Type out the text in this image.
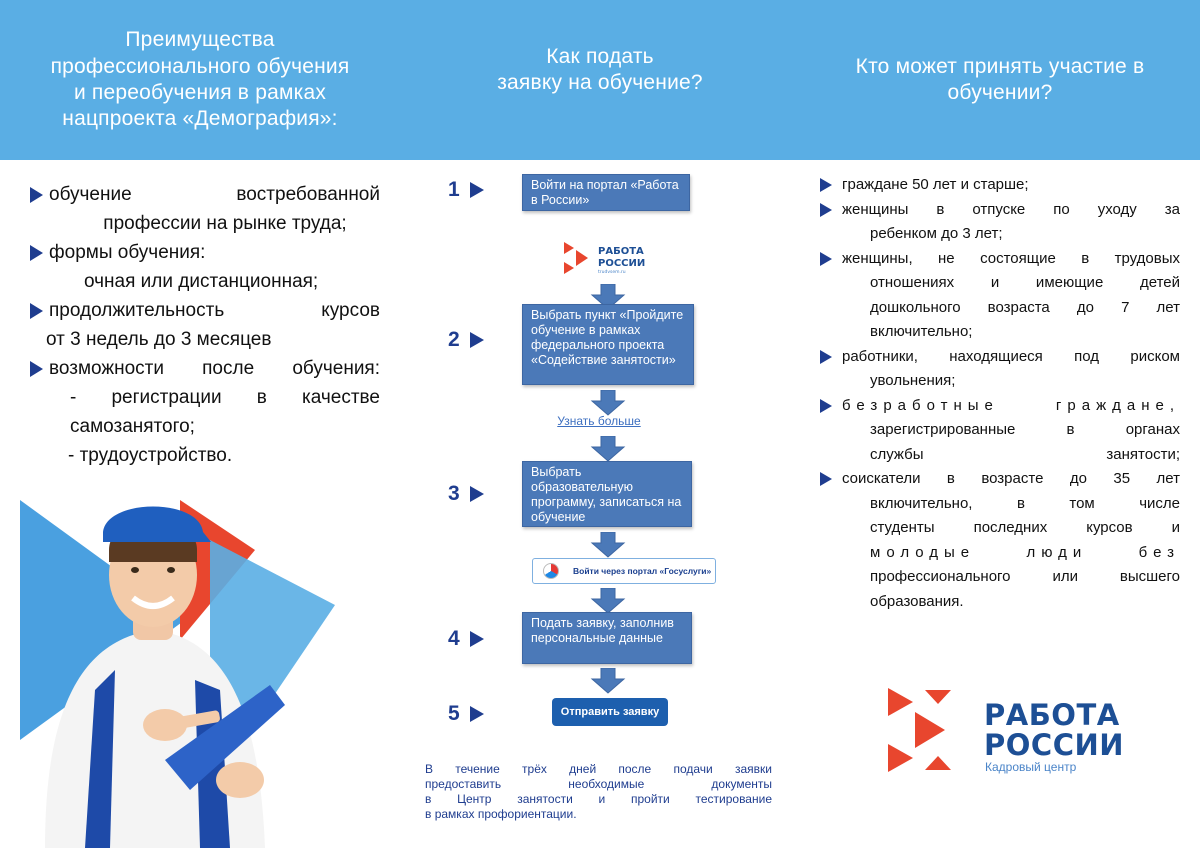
Преимущества
профессионального обучения
и переобучения в рамках
нацпроекта «Демография»:
Как подать
заявку на обучение?
Кто может принять участие в
обучении?
обучение востребованной
профессии на рынке труда;
формы обучения:
очная или дистанционная;
продолжительность курсов
от 3 недель до 3 месяцев
возможности после обучения:
- регистрации в качестве
самозанятого;
- трудоустройство.
1	Войти на портал «Работа в России»
РАБОТА
РОССИИ
trudvsem.ru
2
Выбрать пункт «Пройдите обучение в рамках федерального проекта «Содействие занятости»
Узнать больше
3
Выбрать образовательную программу, записаться на обучение
Войти через портал «Госуслуги»
4
Подать заявку, заполнив персональные данные
5	Отправить заявку
В течение трёх дней после подачи заявки
предоставить необходимые документы
в Центр занятости и пройти тестирование
в рамках профориентации.
граждане 50 лет и старше;
женщины в отпуске по уходу за
ребенком до 3 лет;
женщины, не состоящие в трудовых
отношениях и имеющие детей
дошкольного возраста до 7 лет
включительно;
работники, находящиеся под риском
увольнения;
безработные граждане,
зарегистрированные в органах
службы занятости;
соискатели в возрасте до 35 лет
включительно, в том числе
студенты последних курсов и
молодые люди без
профессионального или высшего
образования.
РАБОТА
РОССИИ
Кадровый центр
